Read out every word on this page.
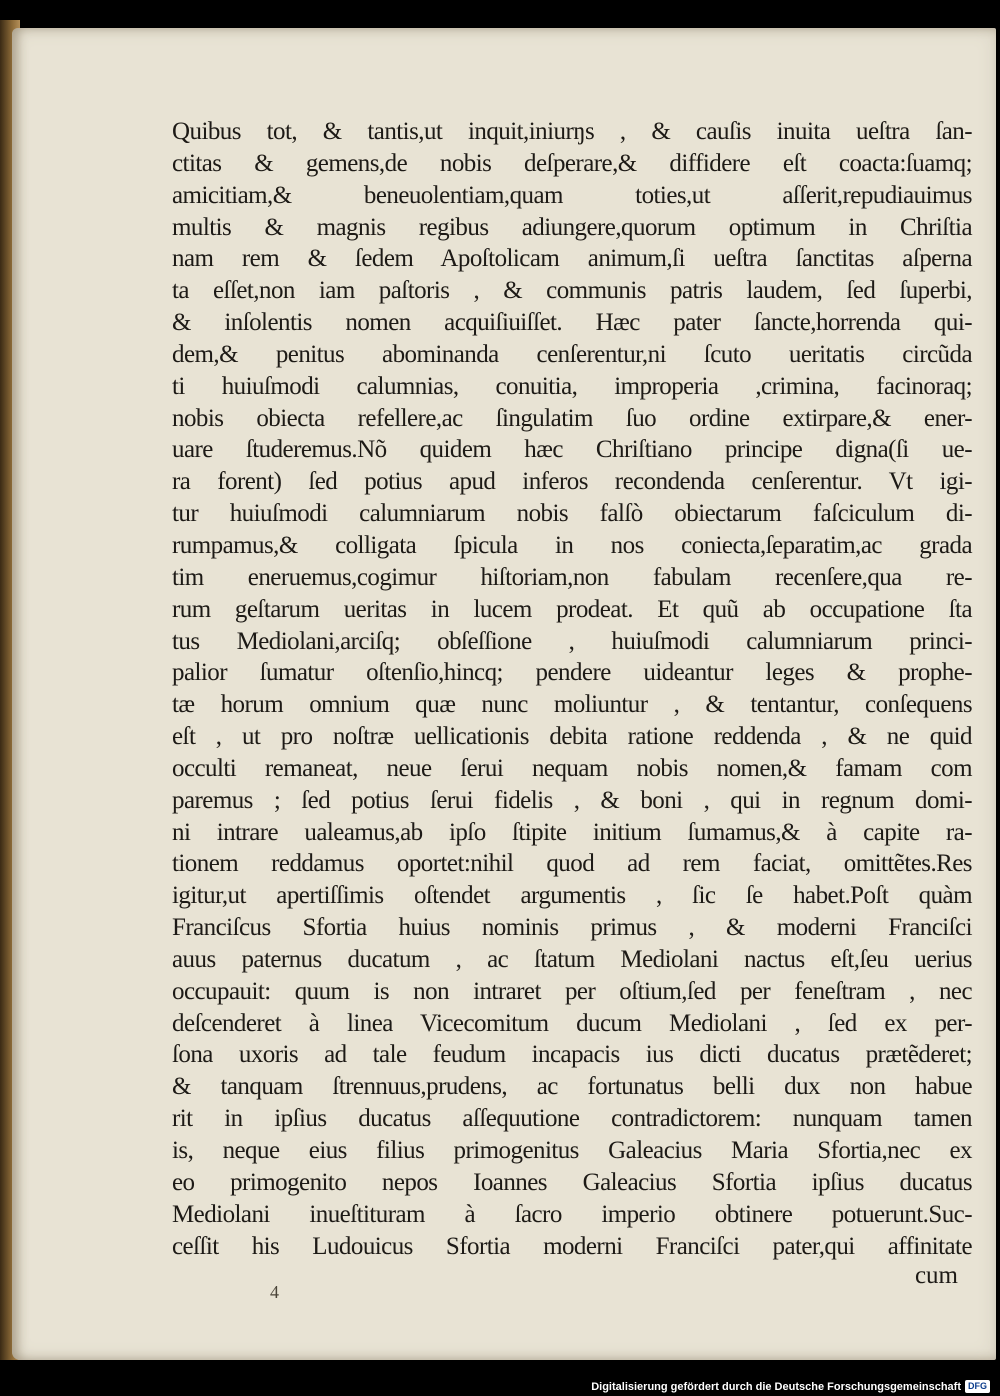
Quibus tot, & tantis,ut inquit,iniurŋs , & cauſis inuita ueſtra ſan-
ctitas & gemens,de nobis deſperare,& diffidere eſt coacta:ſuamq;
amicitiam,& beneuolentiam,quam toties,ut aſſerit,repudiauimus
multis & magnis regibus adiungere,quorum optimum in Chriſtia
nam rem & ſedem Apoſtolicam animum,ſi ueſtra ſanctitas aſperna
ta eſſet,non iam paſtoris , & communis patris laudem, ſed ſuperbi,
& inſolentis nomen acquiſiuiſſet. Hæc pater ſancte,horrenda qui-
dem,& penitus abominanda cenſerentur,ni ſcuto ueritatis circũda
ti huiuſmodi calumnias, conuitia, improperia ,crimina, facinoraq;
nobis obiecta refellere,ac ſingulatim ſuo ordine extirpare,& ener-
uare ſtuderemus.Nõ quidem hæc Chriſtiano principe digna(ſi ue-
ra forent) ſed potius apud inferos recondenda cenſerentur. Vt igi-
tur huiuſmodi calumniarum nobis falſò obiectarum faſciculum di-
rumpamus,& colligata ſpicula in nos coniecta,ſeparatim,ac grada
tim eneruemus,cogimur hiſtoriam,non fabulam recenſere,qua re-
rum geſtarum ueritas in lucem prodeat. Et quũ ab occupatione ſta
tus Mediolani,arciſq; obſeſſione , huiuſmodi calumniarum princi-
palior ſumatur oſtenſio,hincq; pendere uideantur leges & prophe-
tæ horum omnium quæ nunc moliuntur , & tentantur, conſequens
eſt , ut pro noſtræ uellicationis debita ratione reddenda , & ne quid
occulti remaneat, neue ſerui nequam nobis nomen,& famam com
paremus ; ſed potius ſerui fidelis , & boni , qui in regnum domi-
ni intrare ualeamus,ab ipſo ſtipite initium ſumamus,& à capite ra-
tionem reddamus oportet:nihil quod ad rem faciat, omittẽtes.Res
igitur,ut apertiſſimis oſtendet argumentis , ſic ſe habet.Poſt quàm
Franciſcus Sfortia huius nominis primus , & moderni Franciſci
auus paternus ducatum , ac ſtatum Mediolani nactus eſt,ſeu uerius
occupauit: quum is non intraret per oſtium,ſed per feneſtram , nec
deſcenderet à linea Vicecomitum ducum Mediolani , ſed ex per-
ſona uxoris ad tale feudum incapacis ius dicti ducatus prætẽderet;
& tanquam ſtrennuus,prudens, ac fortunatus belli dux non habue
rit in ipſius ducatus aſſequutione contradictorem: nunquam tamen
is, neque eius filius primogenitus Galeacius Maria Sfortia,nec ex
eo primogenito nepos Ioannes Galeacius Sfortia ipſius ducatus
Mediolani inueſtituram à ſacro imperio obtinere potuerunt.Suc-
ceſſit his Ludouicus Sfortia moderni Franciſci pater,qui affinitate
cum
4
Digitalisierung gefördert durch die Deutsche Forschungsgemeinschaft DFG
